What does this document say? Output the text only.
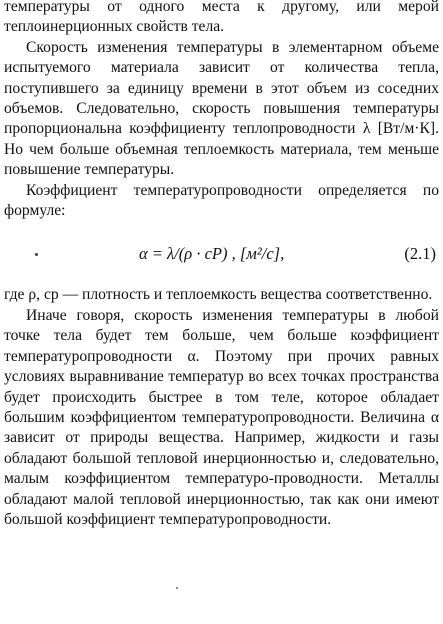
температуры от одного места к другому, или мерой теплоинерционных свойств тела.

Скорость изменения температуры в элементарном объеме испытуемого материала зависит от количества тепла, поступившего за единицу времени в этот объем из соседних объемов. Следовательно, скорость повышения температуры пропорциональна коэффициенту теплопроводности λ [Вт/м·К]. Но чем больше объемная теплоемкость материала, тем меньше повышение температуры.

Коэффициент температуропроводности определяется по формуле:

α = λ/(ρ · cP) , [м²/с],	(2.1)

где ρ, cp — плотность и теплоемкость вещества соответственно.

Иначе говоря, скорость изменения температуры в любой точке тела будет тем больше, чем больше коэффициент температуропроводности α. Поэтому при прочих равных условиях выравнивание температур во всех точках пространства будет происходить быстрее в том теле, которое обладает большим коэффициентом температуропроводности. Величина α зависит от природы вещества. Например, жидкости и газы обладают большой тепловой инерционностью и, следовательно, малым коэффициентом температуро-проводности. Металлы обладают малой тепловой инерционностью, так как они имеют большой коэффициент температуропроводности.
